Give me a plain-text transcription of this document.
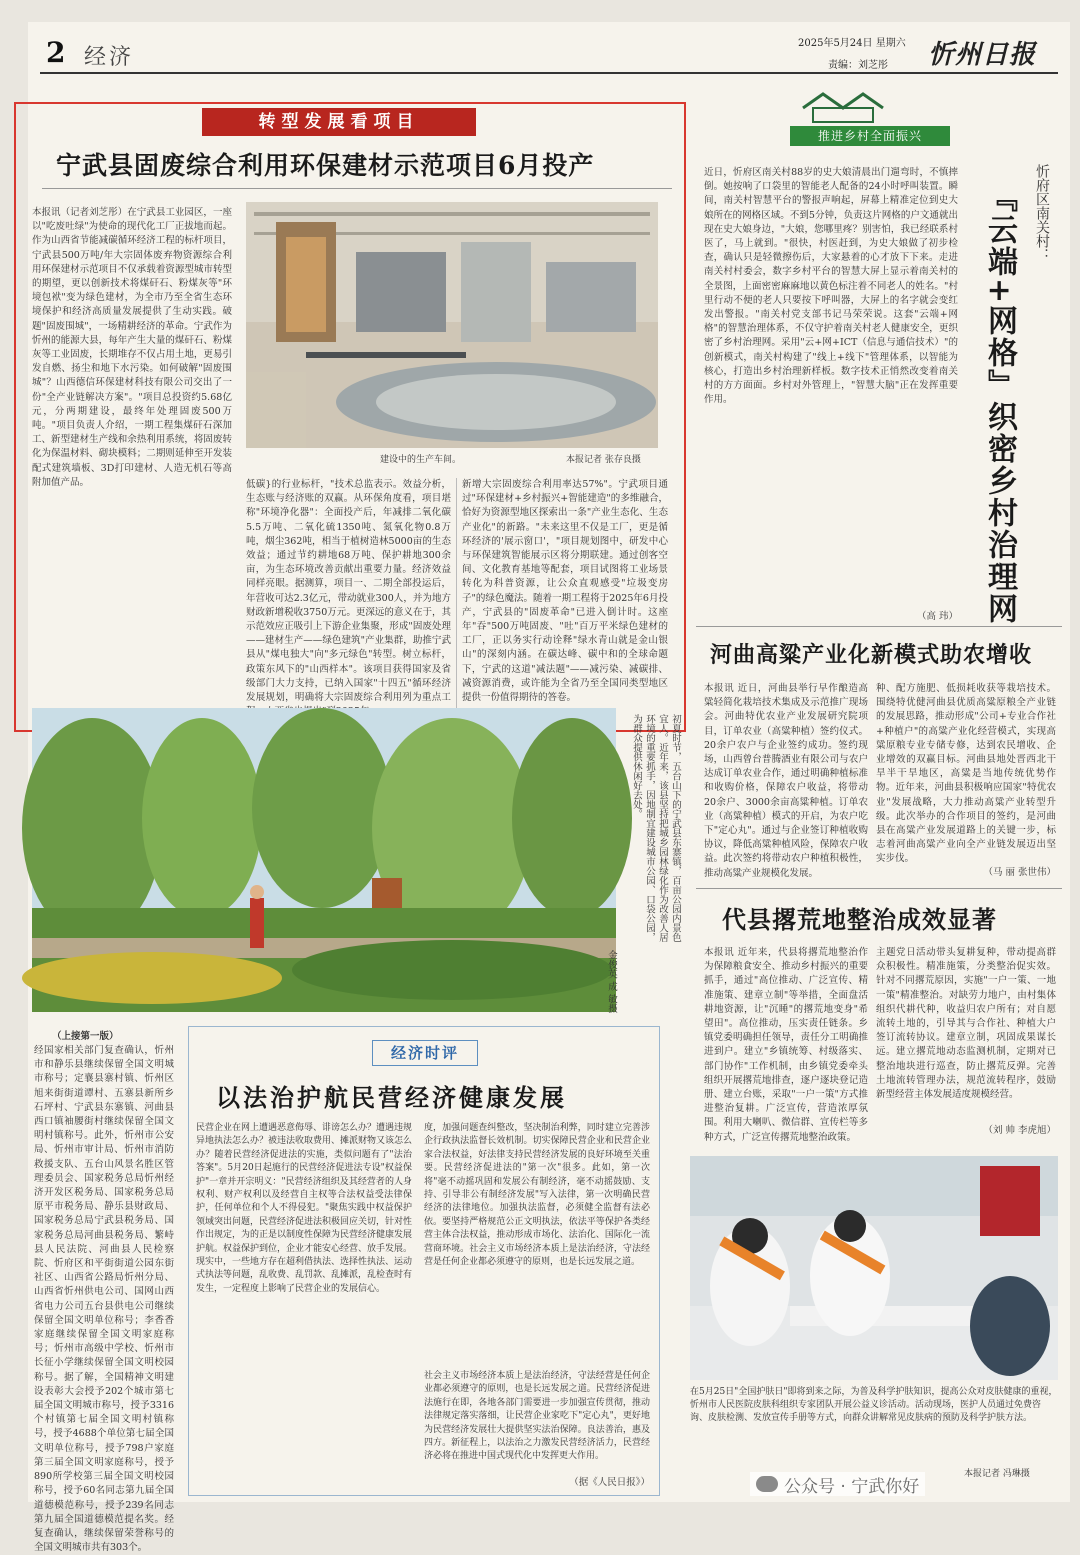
2 经济
2025年5月24日 星期六
责编：刘芝彤 忻州日报
转型发展看项目
宁武县固废综合利用环保建材示范项目6月投产
本报讯（记者刘芝彤）在宁武县工业园区，一座以"吃废吐绿"为使命的现代化工厂正拔地而起。作为山西省节能减碳循环经济工程的标杆项目，宁武县500万吨/年大宗固体废弃物资源综合利用环保建材示范项目不仅承载着资源型城市转型的期望，更以创新技术将煤矸石、粉煤灰等"环境包袱"变为绿色建材，为全市乃至全省生态环境保护和经济高质量发展提供了生动实践。破题"固废围城"，一场精耕经济的革命。宁武作为忻州的能源大县，每年产生大量的煤矸石、粉煤灰等工业固废，长期堆存不仅占用土地，更易引发自燃、扬尘和地下水污染。如何破解"固废围城"？山西德信环保建材科技有限公司交出了一份"全产业链解决方案"。"项目总投资约5.68亿元，分两期建设，最终年处理固废500万吨。"项目负责人介绍，一期工程集煤矸石深加工、新型建材生产线和余热利用系统，将固废转化为保温材料、砌块模料；二期则延伸至开发装配式建筑墙板、3D打印建材、人造无机石等高附加值产品。
建设中的生产车间。	本报记者 张存良摄
低碳}的行业标杆，"技术总监表示。效益分析，生态账与经济账的双赢。从环保角度看，项目堪称"环境净化器"：全面投产后，年减排二氧化碳5.5万吨、二氧化硫1350吨、氮氧化物0.8万吨，烟尘362吨，相当于植树造林5000亩的生态效益；通过节约耕地68万吨、保护耕地300余亩，为生态环境改善贡献出重要力量。经济效益同样亮眼。据测算，项目一、二期全部投运后，年营收可达2.3亿元，带动就业300人，并为地方财政新增税收3750万元。更深远的意义在于，其示范效应正吸引上下游企业集聚，形成"固废处理——建材生产——绿色建筑"产业集群，助推宁武县从"煤电独大"向"多元绿色"转型。树立标杆，政策东风下的"山西样本"。该项目获得国家及省级部门大力支持，已纳入国家"十四五"循环经济发展规划，明确将大宗固废综合利用列为重点工
新增大宗固废综合利用率达57%"。宁武项目通过"环保建材+乡村振兴+智能建造"的多维融合，恰好为资源型地区探索出一条"产业生态化、生态产业化"的新路。"未来这里不仅是工厂，更是循环经济的'展示窗口'，"项目规划图中，研发中心与环保建筑智能展示区将分期联建。通过创客空间、文化教育基地等配套，项目试图将工业场景转化为科普资源，让公众直观感受"垃圾变房子"的绿色魔法。随着一期工程将于2025年6月投产，宁武县的"固废革命"已进入倒计时。这座年"吞"500万吨固废、"吐"百万平米绿色建材的工厂，正以务实行动诠释"绿水青山就是金山银山"的深刻内涵。在碳达峰、碳中和的全球命题下，宁武的这道"减法题"——减污染、减碳排、减资源消费，或许能为全省乃至全国同类型地区提供一份值得期待的答卷。
推进乡村全面振兴
近日，忻府区南关村88岁的史大娘清晨出门遛弯时，不慎摔倒。她按响了口袋里的智能老人配备的24小时呼叫装置。瞬间，南关村智慧平台的警报声响起，屏幕上精准定位到史大娘所在的网格区域。不到5分钟，负责这片网格的户文通就出现在史大娘身边，"大娘，您哪里疼？别害怕，我已经联系村医了，马上就到。"很快，村医赶到，为史大娘做了初步检查，确认只是轻微擦伤后，大家悬着的心才放下下来。走进南关村村委会，数字乡村平台的智慧大屏上显示着南关村的全景图，上面密密麻麻地以黄色标注着不同老人的姓名。"村里行动不便的老人只要按下呼叫器，大屏上的名字就会变红发出警报。"南关村党支部书记马荣荣说。这套"云端+网格"的智慧治理体系，不仅守护着南关村老人健康安全，更织密了乡村治理网。采用"云+网+ICT（信息与通信技术）"的创新模式，南关村构建了"线上+线下"管理体系，以智能为核心，打造出乡村治理新样板。数字技术正悄然改变着南关村的方方面面。乡村对外管理上，"智慧大脑"正在发挥重要作用。
（高 玮）
忻府区南关村：
『云端+网格』织密乡村治理网
河曲高粱产业化新模式助农增收
本报讯 近日，河曲县举行早作酿造高粱轻简化栽培技术集成及示范推广现场会。河曲特优农业产业发展研究院项目，订单农业（高粱种植）签约仪式。20余户农户与企业签约成功。签约现场，山西曾台普腾酒业有限公司与农户达成订单农业合作，通过明确种植标准和收购价格，保障农户收益，将带动20余户、3000余亩高粱种植。订单农业（高粱种植）模式的开启，为农户吃下"定心丸"。通过与企业签订种植收购协议，降低高粱种植风险，保障农户收益。此次签约将带动农户种植积极性，推动高粱产业规模化发展。
种、配方施肥、低损耗收获等栽培技术。围绕特优健河曲县优质高粱原粮全产业链的发展思路，推动形成"公司+专业合作社+种植户"的高粱产业化经营模式，实现高粱原粮专业专储专修，达到农民增收、企业增效的双赢目标。河曲县地处晋西北干旱半干旱地区，高粱是当地传统优势作物。近年来，河曲县积极响应国家"特优农业"发展战略，大力推动高粱产业转型升级。此次举办的合作项目的签约，是河曲县在高粱产业发展道路上的关键一步，标志着河曲高粱产业向全产业链发展迈出坚实步伐。
（马 丽 张世伟）
代县撂荒地整治成效显著
本报讯 近年来，代县将撂荒地整治作为保障粮食安全、推动乡村振兴的重要抓手，通过"高位推动、广泛宣传、精准施策、建章立制"等举措，全面盘活耕地资源，让"沉睡"的撂荒地变身"希望田"。高位推动，压实责任链条。乡镇党委明确担任领导，责任分工明确推进到户。建立"乡镇统筹、村级落实、部门协作"工作机制，由乡镇党委牵头组织开展撂荒地排查，逐户逐块登记造册、建立台账，采取"一户一策"方式推进整治复耕。广泛宣传，营造浓厚氛围。利用大喇叭、微信群、宣传栏等多种方式，广泛宣传撂荒地整治政策。
主题党日活动带头复耕复种，带动提高群众积极性。精准施策，分类整治促实效。针对不同撂荒原因，实施"一户一策、一地一策"精准整治。对缺劳力地户，由村集体组织代耕代种，收益归农户所有；对自愿流转土地的，引导其与合作社、种植大户签订流转协议。建章立制，巩固成果谋长远。建立撂荒地动态监测机制，定期对已整治地块进行巡查，防止撂荒反弹。完善土地流转管理办法，规范流转程序，鼓励新型经营主体发展适度规模经营。
（刘 帅 李虎旭）
初夏时节，五台山下的宁武县东寨镇，百亩公园内景色宜人。近年来，该县坚持把城乡园林绿化作为改善人居环境的重要抓手，因地制宜建设城市公园、口袋公园，为群众提供休闲好去处。
金俊英 成 敏摄
（上接第一版）
经国家相关部门复查确认，忻州市和静乐县继续保留全国文明城市称号；定襄县寨村镇、忻州区旭来街街道谭村、五寨县新所乡石坪村、宁武县东寨镇、河曲县西口镇袖腰街村继续保留全国文明村镇称号。此外，忻州市公安局、忻州市审计局、忻州市消防救援支队、五台山风景名胜区管理委员会、国家税务总局忻州经济开发区税务局、国家税务总局原平市税务局、静乐县财政局、国家税务总局宁武县税务局、国家税务总局河曲县税务局、繁峙县人民法院、河曲县人民检察院、忻府区和平街街道公园东街社区、山西省公路局忻州分局、山西省忻州供电公司、国网山西省电力公司五台县供电公司继续保留全国文明单位称号；李香香家庭继续保留全国文明家庭称号；忻州市高级中学校、忻州市长征小学继续保留全国文明校园称号。据了解，全国精神文明建设表彰大会授予202个城市第七届全国文明城市称号，授予3316个村镇第七届全国文明村镇称号，授予4688个单位第七届全国文明单位称号，授予798户家庭第三届全国文明家庭称号，授予890所学校第三届全国文明校园称号，授予60名同志第九届全国道德模范称号，授予239名同志第九届全国道德模范提名奖。经复查确认，继续保留荣誉称号的全国文明城市共有303个。
经济时评
以法治护航民营经济健康发展
民营企业在网上遭遇恶意侮辱、诽谤怎么办？遭遇违规异地执法怎么办？被违法收取费用、摊派财物又该怎么办？随着民营经济促进法的实施，类似问题有了"法治答案"。5月20日起施行的民营经济促进法专设"权益保护"一章并开宗明义："民营经济组织及其经营者的人身权利、财产权利以及经营自主权等合法权益受法律保护，任何单位和个人不得侵犯。"聚焦实践中权益保护领域突出问题，民营经济促进法积极回应关切，针对性作出规定，为的正是以制度性保障为民营经济健康发展护航。权益保护到位，企业才能安心经营、放手发展。现实中，一些地方存在超利借执法、选择性执法、运动式执法等问题，乱收费、乱罚款、乱摊派，乱检查时有发生，一定程度上影响了民营企业的发展信心。
度，加强问题查纠整改，坚决制治利弊，同时建立完善涉企行政执法监督长效机制。切实保障民营企业和民营企业家合法权益，好法律支持民营经济发展的良好环境至关重要。民营经济促进法的"第一次"很多。此如，第一次将"毫不动摇巩固和发展公有制经济，毫不动摇鼓励、支持、引导非公有制经济发展"写入法律，第一次明确民营经济的法律地位。加强执法监督，必须健全监督有法必依。要坚持严格规范公正文明执法，依法平等保护各类经营主体合法权益，推动形成市场化、法治化、国际化一流营商环境。社会主义市场经济本质上是法治经济，守法经营是任何企业都必须遵守的原则，也是长远发展之道。
社会主义市场经济本质上是法治经济，守法经营是任何企业都必须遵守的原则，也是长远发展之道。民营经济促进法施行在即，各地各部门需要进一步加强宣传贯彻，推动法律规定落实落细，让民营企业家吃下"定心丸"，更好地为民营经济发展壮大提供坚实法治保障。良法善治，惠及四方。新征程上，以法治之力激发民营经济活力，民营经济必将在推进中国式现代化中发挥更大作用。
（据《人民日报》）
在5月25日"全国护肤日"即将到来之际，为普及科学护肤知识，提高公众对皮肤健康的重视，忻州市人民医院皮肤科组织专家团队开展公益义诊活动。活动现场，医护人员通过免费咨询、皮肤检测、发放宣传手册等方式，向群众讲解常见皮肤病的预防及科学护肤方法。
本报记者 冯琳摄
公众号 · 宁武你好
